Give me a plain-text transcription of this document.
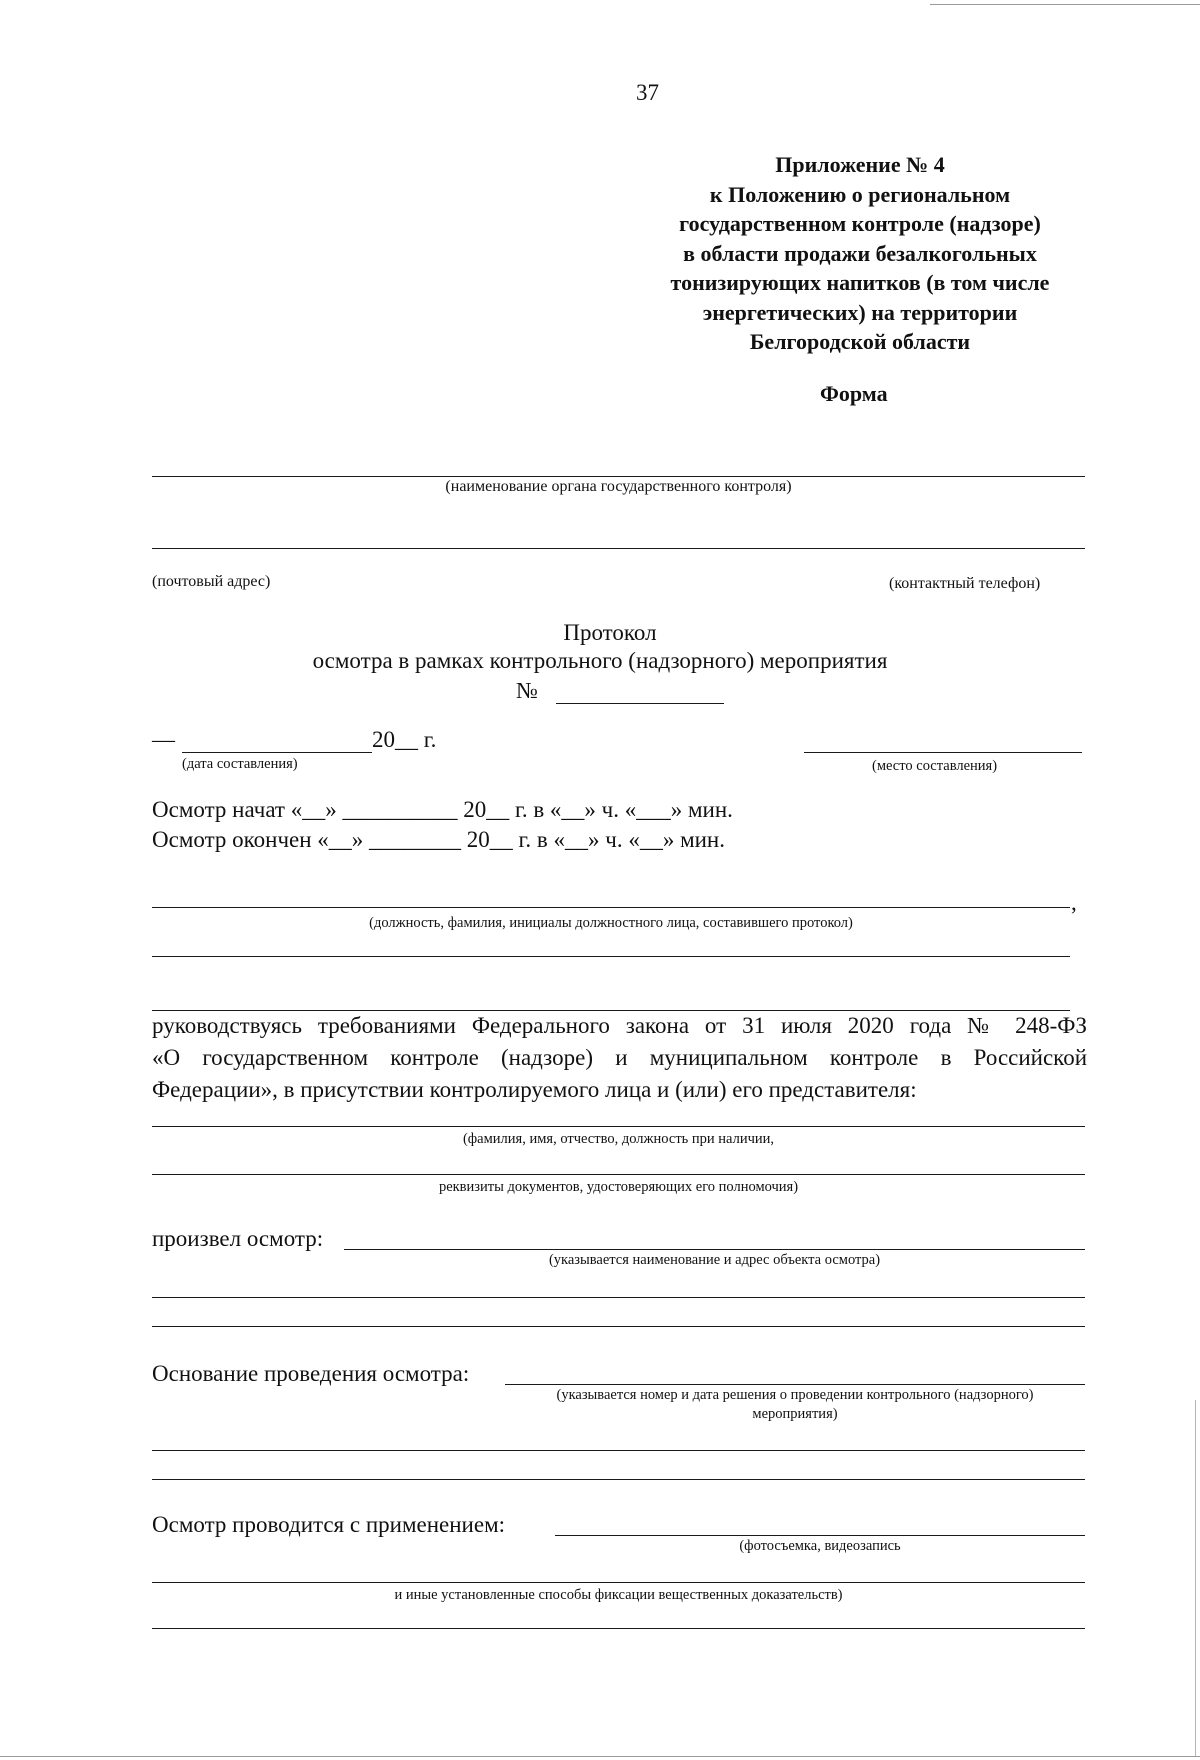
37
Приложение № 4
к Положению о региональном
государственном контроле (надзоре)
в области продажи безалкогольных
тонизирующих напитков (в том числе
энергетических) на территории
Белгородской области
Форма
(наименование органа государственного контроля)
(почтовый адрес)	(контактный телефон)
Протокол
осмотра в рамках контрольного (надзорного) мероприятия
№
—	20__ г.
(дата составления)	(место составления)
Осмотр начат «__» __________ 20__ г. в «__» ч. «___» мин.
Осмотр окончен «__» ________ 20__ г. в «__» ч. «__» мин.
,
(должность, фамилия, инициалы должностного лица, составившего протокол)
руководствуясь требованиями Федерального закона от 31 июля 2020 года № 248-ФЗ
«О государственном контроле (надзоре) и муниципальном контроле в Российской
Федерации», в присутствии контролируемого лица и (или) его представителя:
(фамилия, имя, отчество, должность при наличии,
реквизиты документов, удостоверяющих его полномочия)
произвел осмотр:
(указывается наименование и адрес объекта осмотра)
Основание проведения осмотра:
(указывается номер и дата решения о проведении контрольного (надзорного)
мероприятия)
Осмотр проводится с применением:
(фотосъемка, видеозапись
и иные установленные способы фиксации вещественных доказательств)
